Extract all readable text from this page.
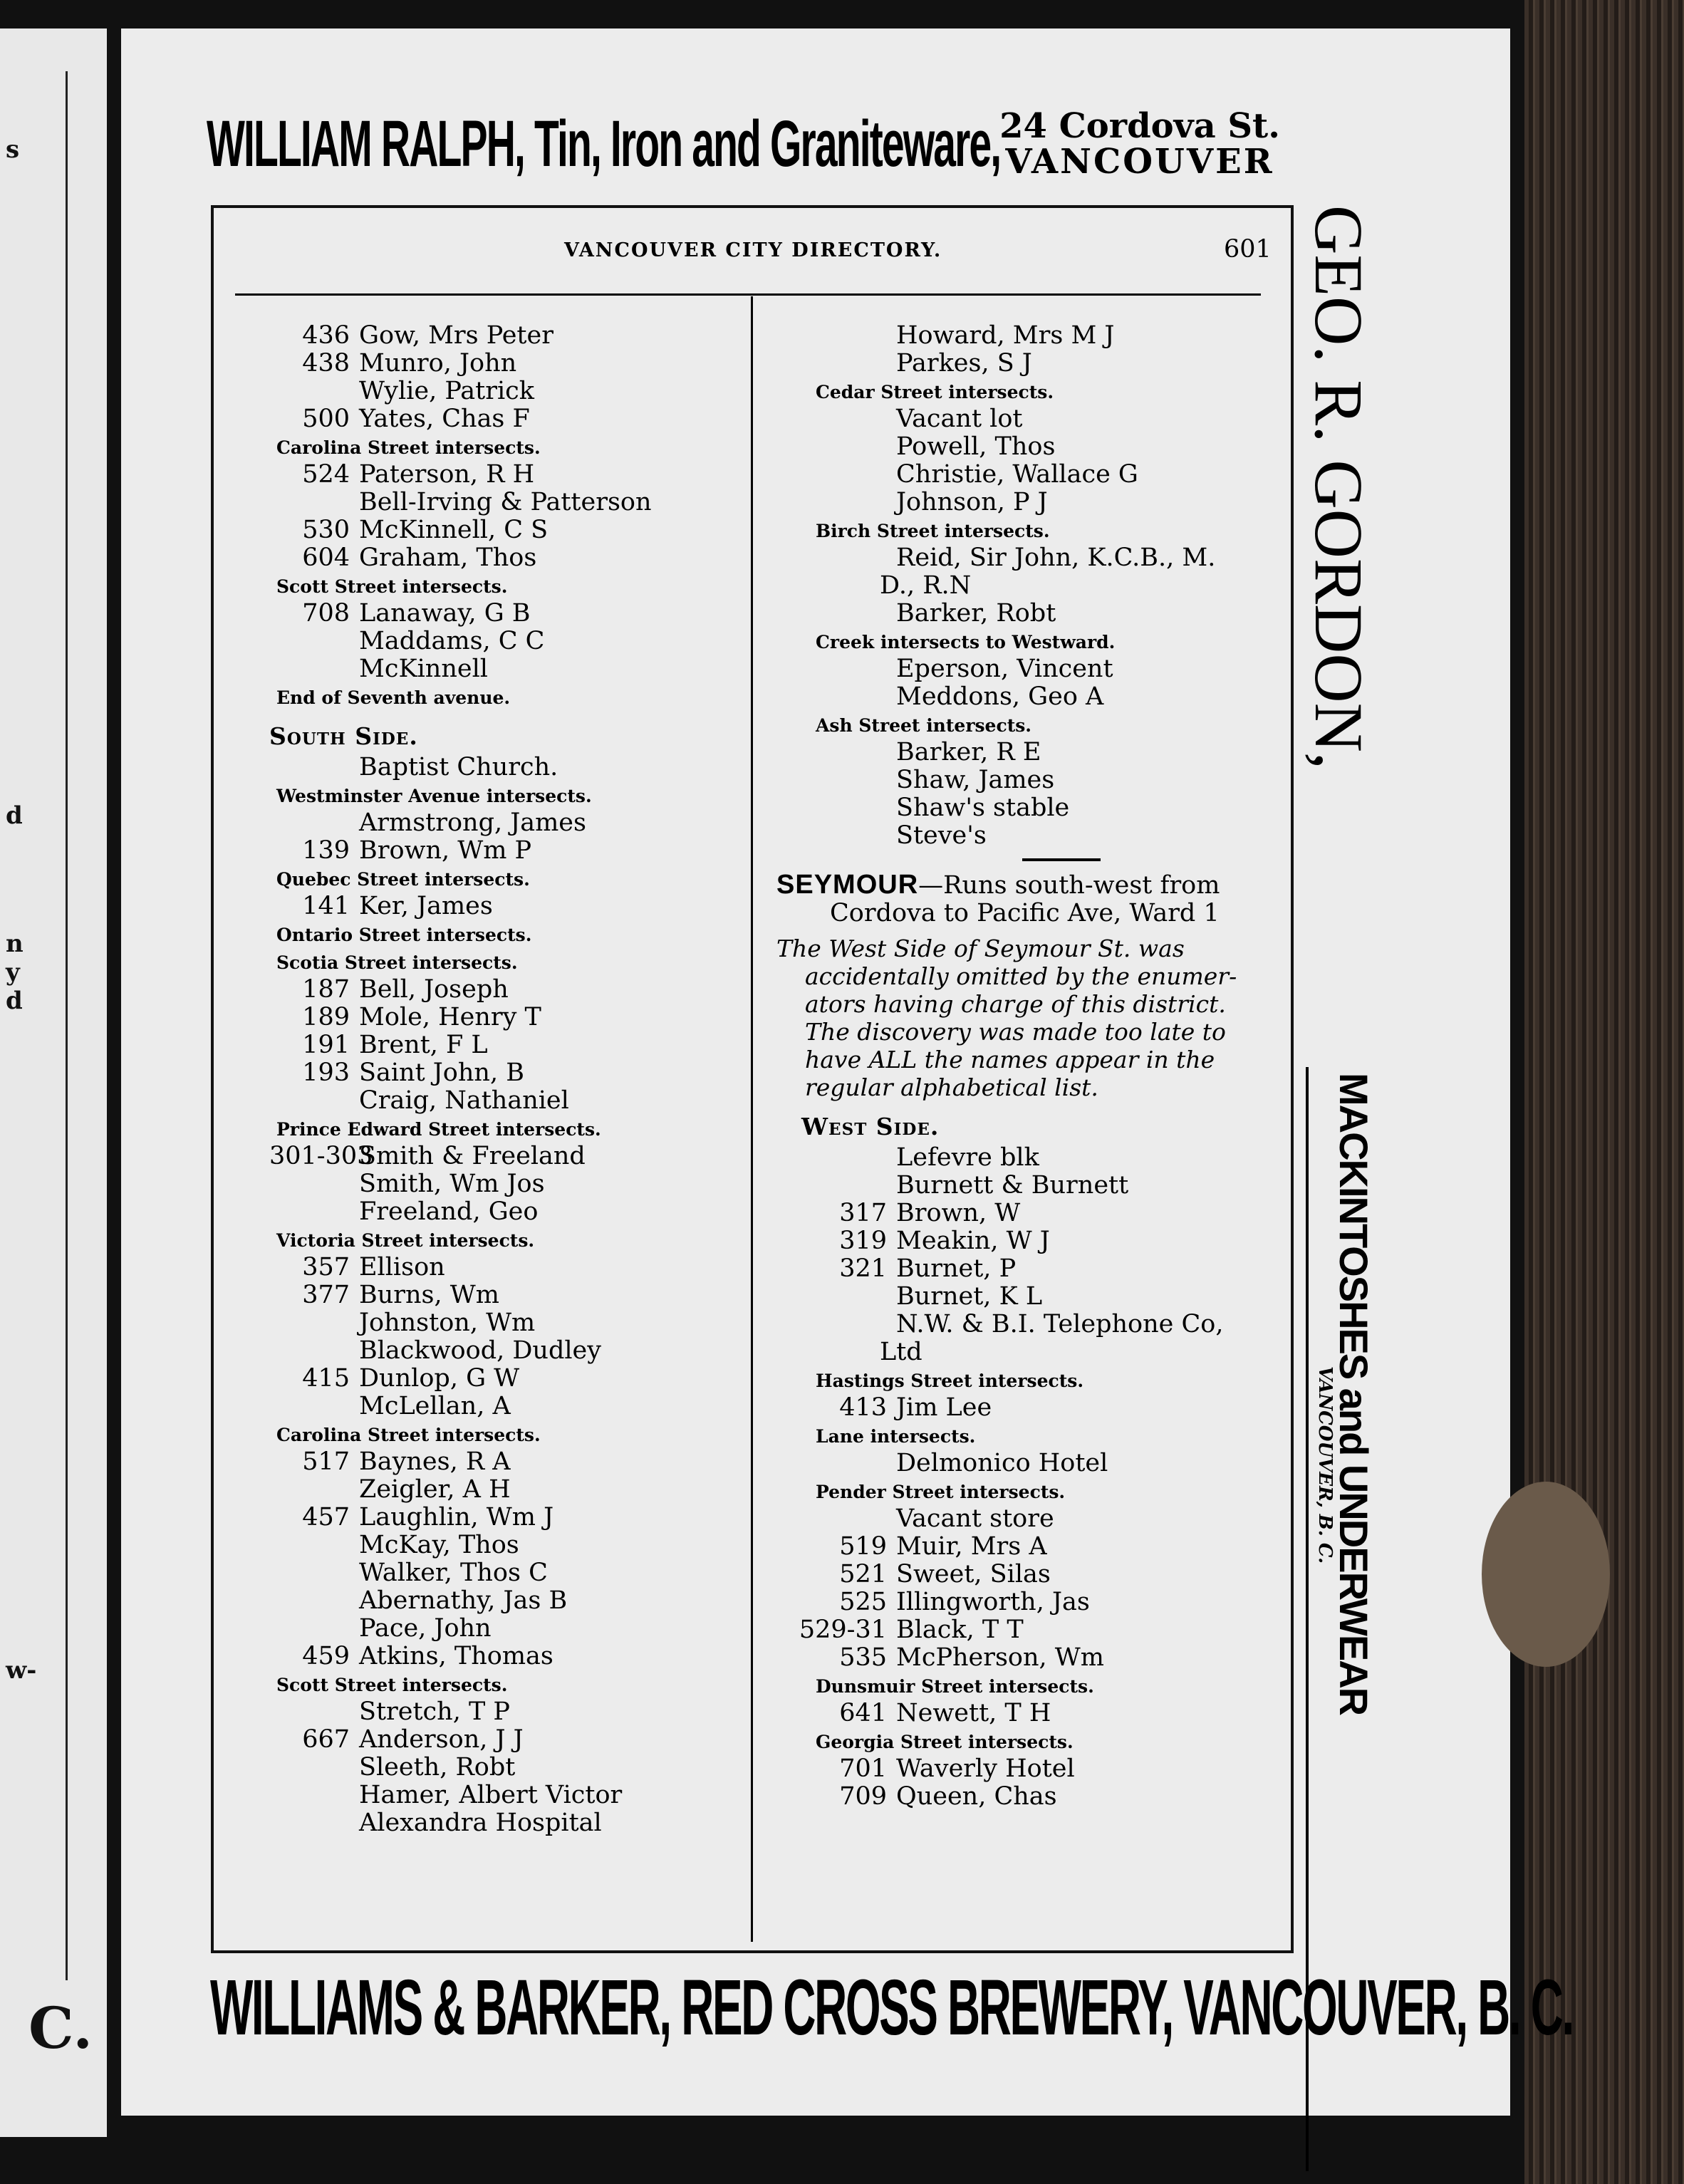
s
d
n
y
d
w-
C.
WILLIAM RALPH, Tin, Iron and Graniteware,
24 Cordova St.
VANCOUVER
GEO. R. GORDON,
MACKINTOSHES and UNDERWEAR
VANCOUVER, B. C.
VANCOUVER CITY DIRECTORY.	601
436 Gow, Mrs Peter
438 Munro, John
Wylie, Patrick
500 Yates, Chas F
Carolina Street intersects.
524 Paterson, R H
Bell-Irving & Patterson
530 McKinnell, C S
604 Graham, Thos
Scott Street intersects.
708 Lanaway, G B
Maddams, C C
McKinnell
End of Seventh avenue.
South Side.
Baptist Church.
Westminster Avenue intersects.
Armstrong, James
139 Brown, Wm P
Quebec Street intersects.
141 Ker, James
Ontario Street intersects.
Scotia Street intersects.
187 Bell, Joseph
189 Mole, Henry T
191 Brent, F L
193 Saint John, B
Craig, Nathaniel
Prince Edward Street intersects.
301-303
Smith & Freeland
Smith, Wm Jos
Freeland, Geo
Victoria Street intersects.
357 Ellison
377 Burns, Wm
Johnston, Wm
Blackwood, Dudley
415 Dunlop, G W
McLellan, A
Carolina Street intersects.
517 Baynes, R A
Zeigler, A H
457 Laughlin, Wm J
McKay, Thos
Walker, Thos C
Abernathy, Jas B
Pace, John
459 Atkins, Thomas
Scott Street intersects.
Stretch, T P
667 Anderson, J J
Sleeth, Robt
Hamer, Albert Victor
Alexandra Hospital
Howard, Mrs M J
Parkes, S J
Cedar Street intersects.
Vacant lot
Powell, Thos
Christie, Wallace G
Johnson, P J
Birch Street intersects.
Reid, Sir John, K.C.B., M.
D., R.N
Barker, Robt
Creek intersects to Westward.
Eperson, Vincent
Meddons, Geo A
Ash Street intersects.
Barker, R E
Shaw, James
Shaw's stable
Steve's
SEYMOUR—Runs south-west from
Cordova to Pacific Ave, Ward 1

The West Side of Seymour St. was

accidentally omitted by the enumer-

ators having charge of this district.

The discovery was made too late to

have ALL the names appear in the

regular alphabetical list.

West Side.
Lefevre blk
Burnett & Burnett
317 Brown, W
319 Meakin, W J
321 Burnet, P
Burnet, K L
N.W. & B.I. Telephone Co,
Ltd
Hastings Street intersects.
413 Jim Lee
Lane intersects.
Delmonico Hotel
Pender Street intersects.
Vacant store
519 Muir, Mrs A
521 Sweet, Silas
525 Illingworth, Jas
529-31 Black, T T
535 McPherson, Wm
Dunsmuir Street intersects.
641 Newett, T H
Georgia Street intersects.
701 Waverly Hotel
709 Queen, Chas
WILLIAMS & BARKER, RED CROSS BREWERY, VANCOUVER, B. C.
